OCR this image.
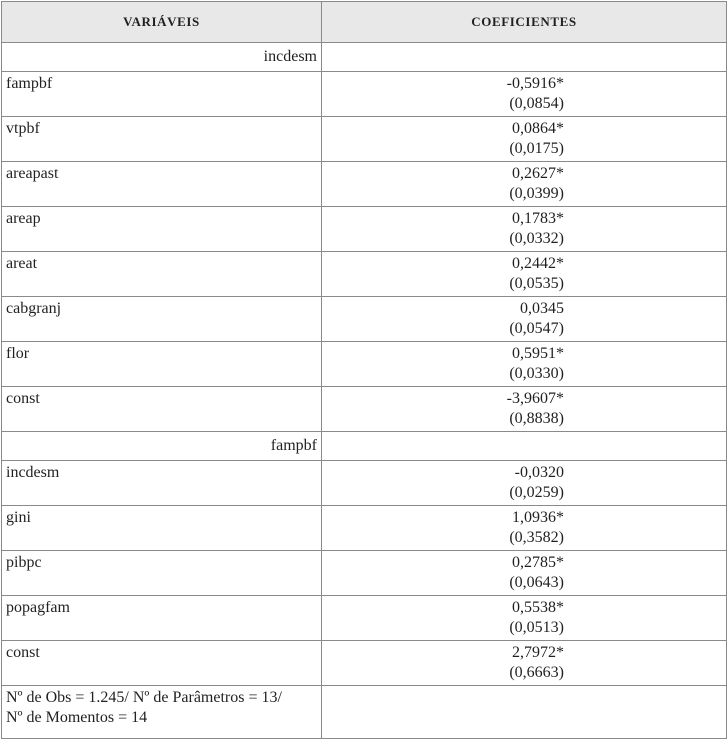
VARIÁVEIS	COEFICIENTES
incdesm	
fampbf	-0,5916*
(0,0854)

vtpbf	0,0864*
(0,0175)

areapast	0,2627*
(0,0399)

areap	0,1783*
(0,0332)

areat	0,2442*
(0,0535)

cabgranj	0,0345
(0,0547)

flor	0,5951*
(0,0330)

const	-3,9607*
(0,8838)

fampbf	
incdesm	-0,0320
(0,0259)

gini	1,0936*
(0,3582)

pibpc	0,2785*
(0,0643)

popagfam	0,5538*
(0,0513)

const	2,7972*
(0,6663)

Nº de Obs = 1.245/ Nº de Parâmetros = 13/
Nº de Momentos = 14	
